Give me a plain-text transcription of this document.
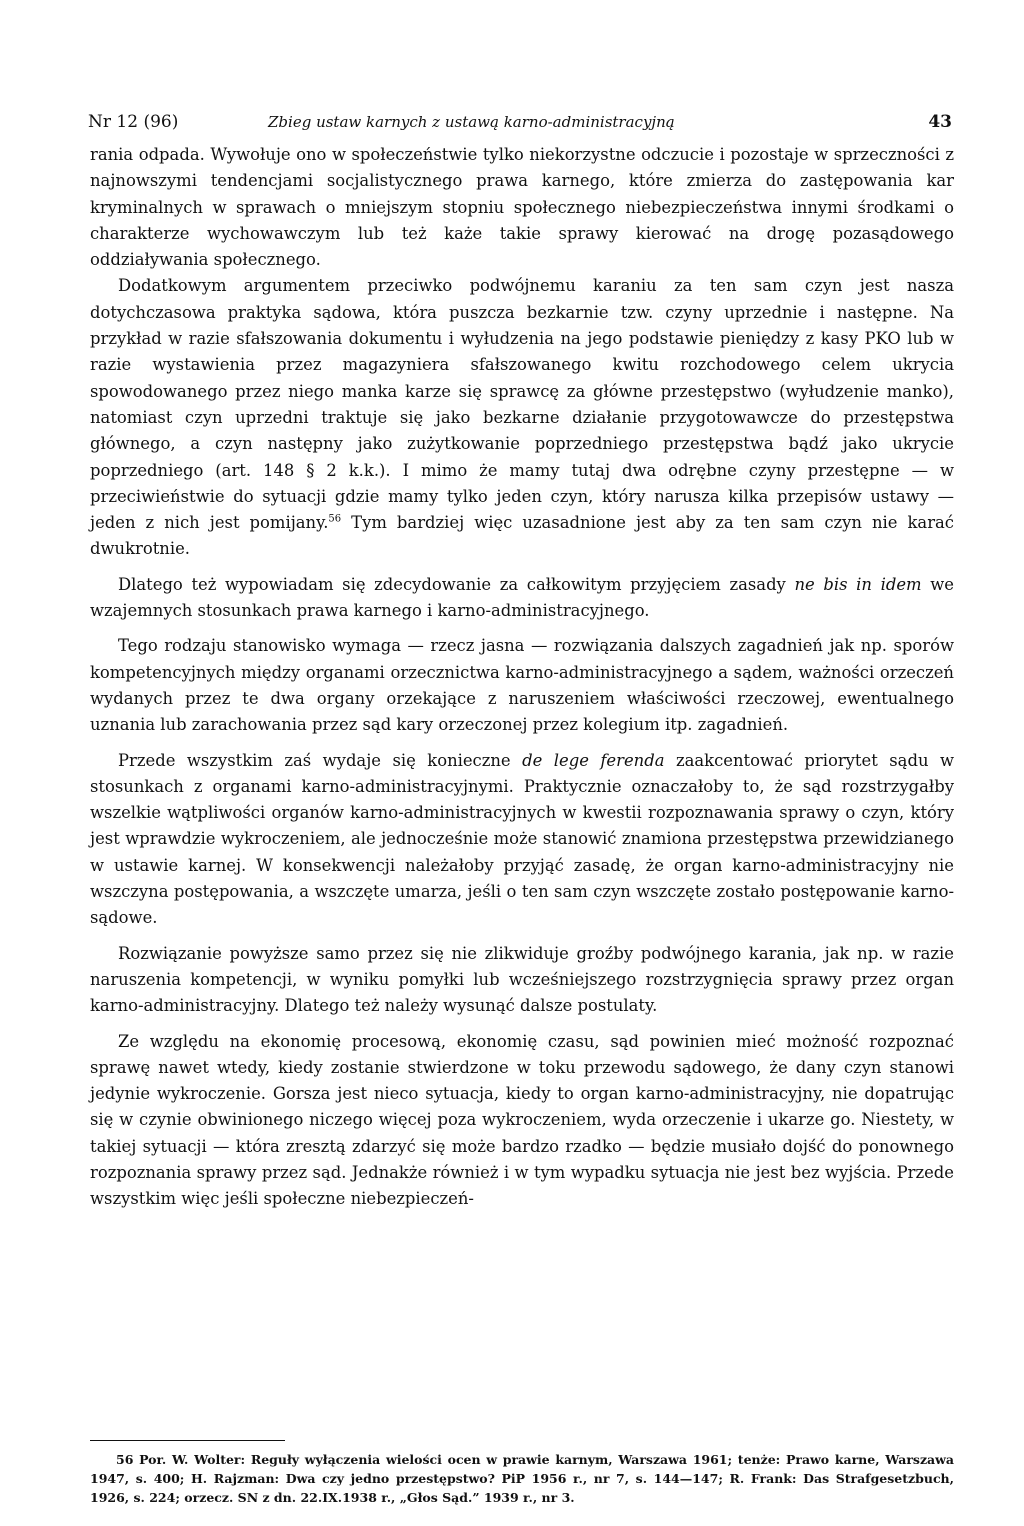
Nr 12 (96)	Zbieg ustaw karnych z ustawą karno-administracyjną	43

rania odpada. Wywołuje ono w społeczeństwie tylko niekorzystne odczucie i pozostaje w sprzeczności z najnowszymi tendencjami socjalistycznego prawa karnego, które zmierza do zastępowania kar kryminalnych w sprawach o mniejszym stopniu społecznego niebezpieczeństwa innymi środkami o charakterze wychowawczym lub też każe takie sprawy kierować na drogę pozasądowego oddziaływania społecznego.

Dodatkowym argumentem przeciwko podwójnemu karaniu za ten sam czyn jest nasza dotychczasowa praktyka sądowa, która puszcza bezkarnie tzw. czyny uprzednie i następne. Na przykład w razie sfałszowania dokumentu i wyłudzenia na jego podstawie pieniędzy z kasy PKO lub w razie wystawienia przez magazyniera sfałszowanego kwitu rozchodowego celem ukrycia spowodowanego przez niego manka karze się sprawcę za główne przestępstwo (wyłudzenie manko), natomiast czyn uprzedni traktuje się jako bezkarne działanie przygotowawcze do przestępstwa głównego, a czyn następny jako zużytkowanie poprzedniego przestępstwa bądź jako ukrycie poprzedniego (art. 148 § 2 k.k.). I mimo że mamy tutaj dwa odrębne czyny przestępne — w przeciwieństwie do sytuacji gdzie mamy tylko jeden czyn, który narusza kilka przepisów ustawy — jeden z nich jest pomijany.$^{56}$ Tym bardziej więc uzasadnione jest aby za ten sam czyn nie karać dwukrotnie.

Dlatego też wypowiadam się zdecydowanie za całkowitym przyjęciem zasady ne bis in idem we wzajemnych stosunkach prawa karnego i karno-administracyjnego.

Tego rodzaju stanowisko wymaga — rzecz jasna — rozwiązania dalszych zagadnień jak np. sporów kompetencyjnych między organami orzecznictwa karno-administracyjnego a sądem, ważności orzeczeń wydanych przez te dwa organy orzekające z naruszeniem właściwości rzeczowej, ewentualnego uznania lub zarachowania przez sąd kary orzeczonej przez kolegium itp. zagadnień.

Przede wszystkim zaś wydaje się konieczne de lege ferenda zaakcentować priorytet sądu w stosunkach z organami karno-administracyjnymi. Praktycznie oznaczałoby to, że sąd rozstrzygałby wszelkie wątpliwości organów karno-administracyjnych w kwestii rozpoznawania sprawy o czyn, który jest wprawdzie wykroczeniem, ale jednocześnie może stanowić znamiona przestępstwa przewidzianego w ustawie karnej. W konsekwencji należałoby przyjąć zasadę, że organ karno-administracyjny nie wszczyna postępowania, a wszczęte umarza, jeśli o ten sam czyn wszczęte zostało postępowanie karno-sądowe.

Rozwiązanie powyższe samo przez się nie zlikwiduje groźby podwójnego karania, jak np. w razie naruszenia kompetencji, w wyniku pomyłki lub wcześniejszego rozstrzygnięcia sprawy przez organ karno-administracyjny. Dlatego też należy wysunąć dalsze postulaty.

Ze względu na ekonomię procesową, ekonomię czasu, sąd powinien mieć możność rozpoznać sprawę nawet wtedy, kiedy zostanie stwierdzone w toku przewodu sądowego, że dany czyn stanowi jedynie wykroczenie. Gorsza jest nieco sytuacja, kiedy to organ karno-administracyjny, nie dopatrując się w czynie obwinionego niczego więcej poza wykroczeniem, wyda orzeczenie i ukarze go. Niestety, w takiej sytuacji — która zresztą zdarzyć się może bardzo rzadko — będzie musiało dojść do ponownego rozpoznania sprawy przez sąd. Jednakże również i w tym wypadku sytuacja nie jest bez wyjścia. Przede wszystkim więc jeśli społeczne niebezpieczeń-

56 Por. W. Wolter: Reguły wyłączenia wielości ocen w prawie karnym, Warszawa 1961; tenże: Prawo karne, Warszawa 1947, s. 400; H. Rajzman: Dwa czy jedno przestępstwo? PiP 1956 r., nr 7, s. 144—147; R. Frank: Das Strafgesetzbuch, 1926, s. 224; orzecz. SN z dn. 22.IX.1938 r., „Głos Sąd.” 1939 r., nr 3.
